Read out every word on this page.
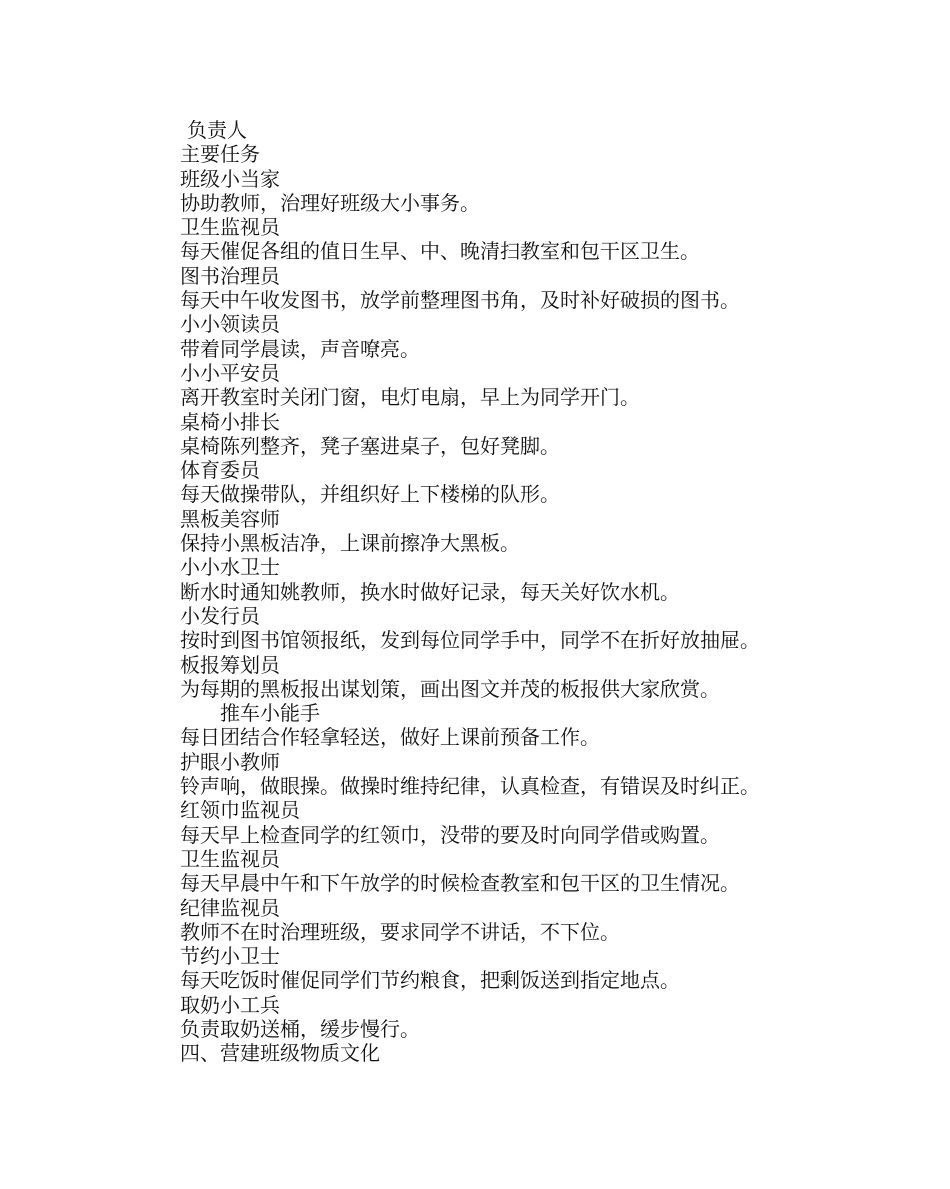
负责人
主要任务
班级小当家
协助教师，治理好班级大小事务。
卫生监视员
每天催促各组的值日生早、中、晚清扫教室和包干区卫生。
图书治理员
每天中午收发图书，放学前整理图书角，及时补好破损的图书。
小小领读员
带着同学晨读，声音嘹亮。
小小平安员
离开教室时关闭门窗，电灯电扇，早上为同学开门。
桌椅小排长
桌椅陈列整齐，凳子塞进桌子，包好凳脚。
体育委员
每天做操带队，并组织好上下楼梯的队形。
黑板美容师
保持小黑板洁净，上课前擦净大黑板。
小小水卫士
断水时通知姚教师，换水时做好记录，每天关好饮水机。
小发行员
按时到图书馆领报纸，发到每位同学手中，同学不在折好放抽屉。
板报筹划员
为每期的黑板报出谋划策，画出图文并茂的板报供大家欣赏。
推车小能手
每日团结合作轻拿轻送，做好上课前预备工作。
护眼小教师
铃声响，做眼操。做操时维持纪律，认真检查，有错误及时纠正。
红领巾监视员
每天早上检查同学的红领巾，没带的要及时向同学借或购置。
卫生监视员
每天早晨中午和下午放学的时候检查教室和包干区的卫生情况。
纪律监视员
教师不在时治理班级，要求同学不讲话，不下位。
节约小卫士
每天吃饭时催促同学们节约粮食，把剩饭送到指定地点。
取奶小工兵
负责取奶送桶，缓步慢行。
四、营建班级物质文化
